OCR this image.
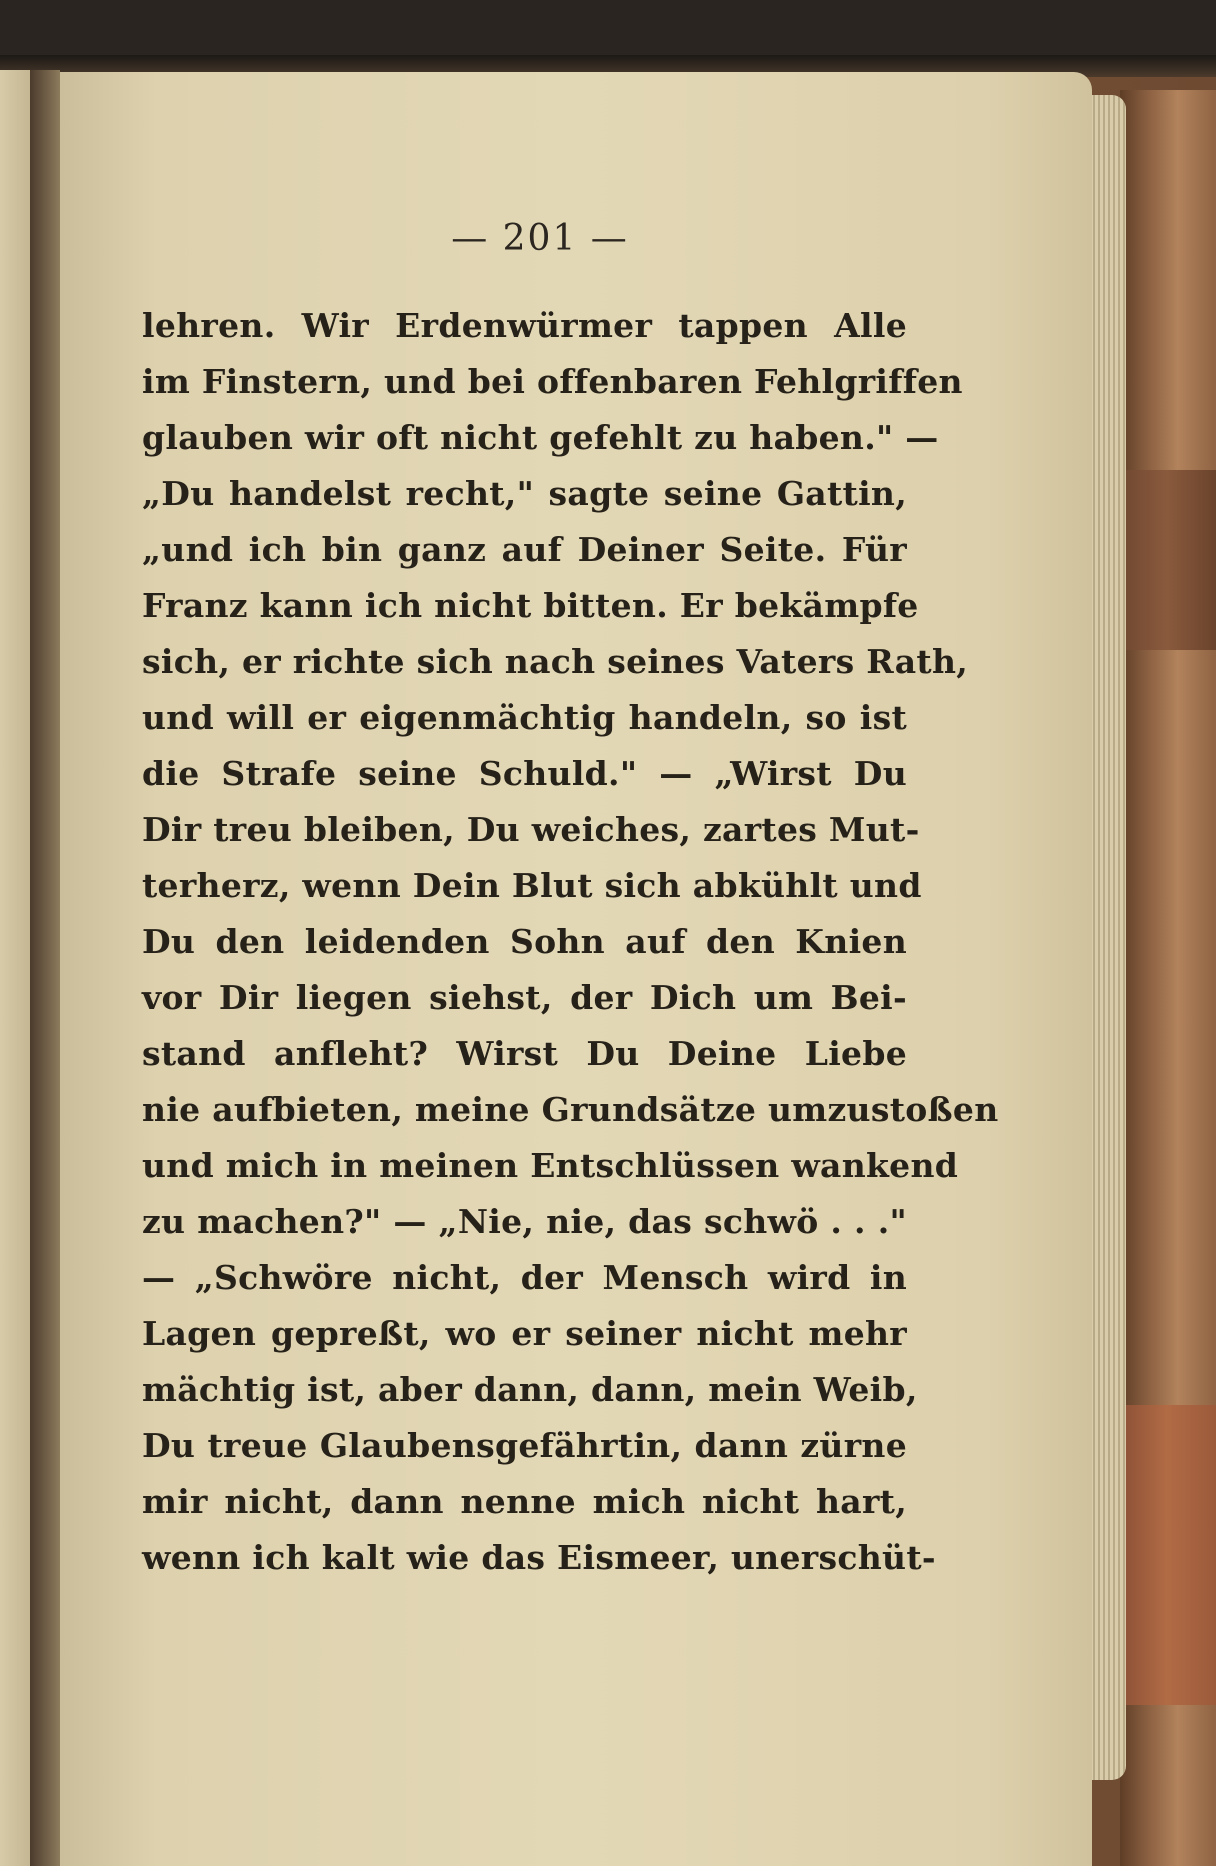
— 201 —
lehren. Wir Erdenwürmer tappen Alle
im Finstern, und bei offenbaren Fehlgriffen
glauben wir oft nicht gefehlt zu haben." —
„Du handelst recht," sagte seine Gattin,
„und ich bin ganz auf Deiner Seite. Für
Franz kann ich nicht bitten. Er bekämpfe
sich, er richte sich nach seines Vaters Rath,
und will er eigenmächtig handeln, so ist
die Strafe seine Schuld." — „Wirst Du
Dir treu bleiben, Du weiches, zartes Mut-
terherz, wenn Dein Blut sich abkühlt und
Du den leidenden Sohn auf den Knien
vor Dir liegen siehst, der Dich um Bei-
stand anfleht? Wirst Du Deine Liebe
nie aufbieten, meine Grundsätze umzustoßen
und mich in meinen Entschlüssen wankend
zu machen?" — „Nie, nie, das schwö . . ."
— „Schwöre nicht, der Mensch wird in
Lagen gepreßt, wo er seiner nicht mehr
mächtig ist, aber dann, dann, mein Weib,
Du treue Glaubensgefährtin, dann zürne
mir nicht, dann nenne mich nicht hart,
wenn ich kalt wie das Eismeer, unerschüt-
